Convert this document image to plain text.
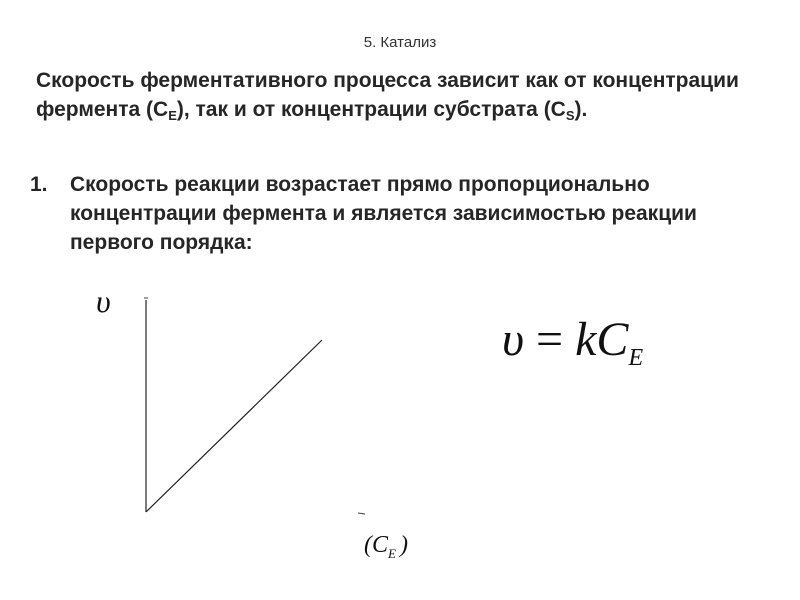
5. Катализ
Скорость ферментативного процесса зависит как от концентрации фермента $(С_E)$, так и от концентрации субстрата $(С_S)$.
1.	Скорость реакции возрастает прямо пропорционально концентрации фермента и является зависимостью реакции первого порядка:
υ
($C_E$ )
$\upsilon = kC_E$
